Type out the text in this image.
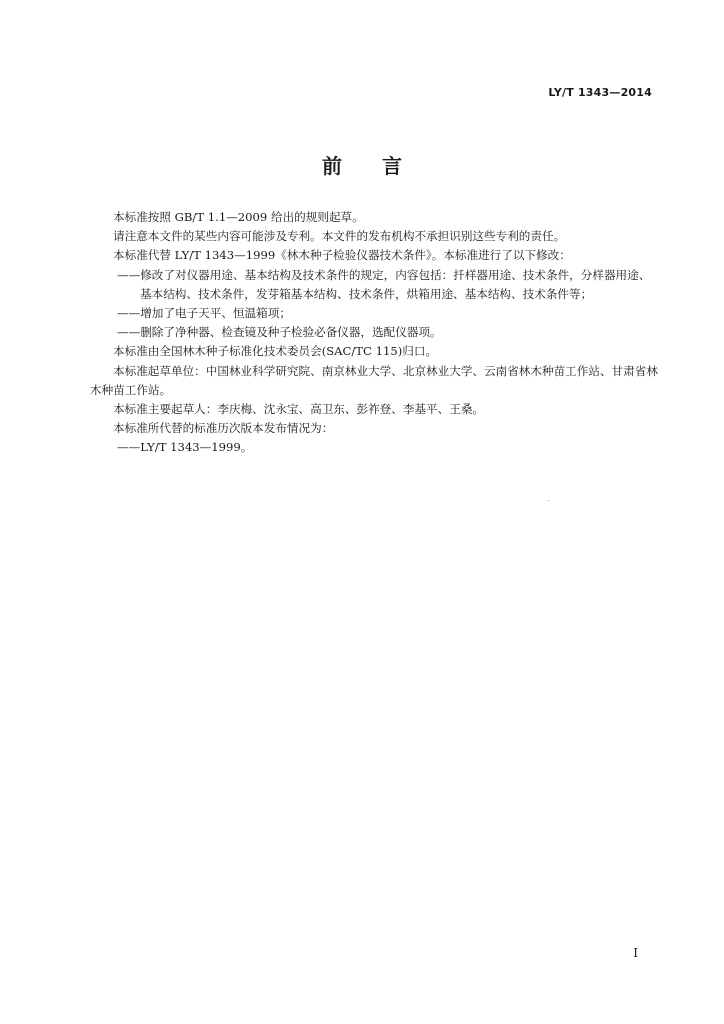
LY/T 1343—2014
前言

本标准按照 GB/T 1.1—2009 给出的规则起草。

请注意本文件的某些内容可能涉及专利。本文件的发布机构不承担识别这些专利的责任。

本标准代替 LY/T 1343—1999《林木种子检验仪器技术条件》。本标准进行了以下修改：

——修改了对仪器用途、基本结构及技术条件的规定，内容包括：扦样器用途、技术条件，分样器用途、基本结构、技术条件，发芽箱基本结构、技术条件，烘箱用途、基本结构、技术条件等；

——增加了电子天平、恒温箱项；

——删除了净种器、检查镜及种子检验必备仪器，选配仪器项。

本标准由全国林木种子标准化技术委员会(SAC/TC 115)归口。

本标准起草单位：中国林业科学研究院、南京林业大学、北京林业大学、云南省林木种苗工作站、甘肃省林木种苗工作站。

本标准主要起草人：李庆梅、沈永宝、高卫东、彭祚登、李基平、王桑。

本标准所代替的标准历次版本发布情况为：

——LY/T 1343—1999。

I
